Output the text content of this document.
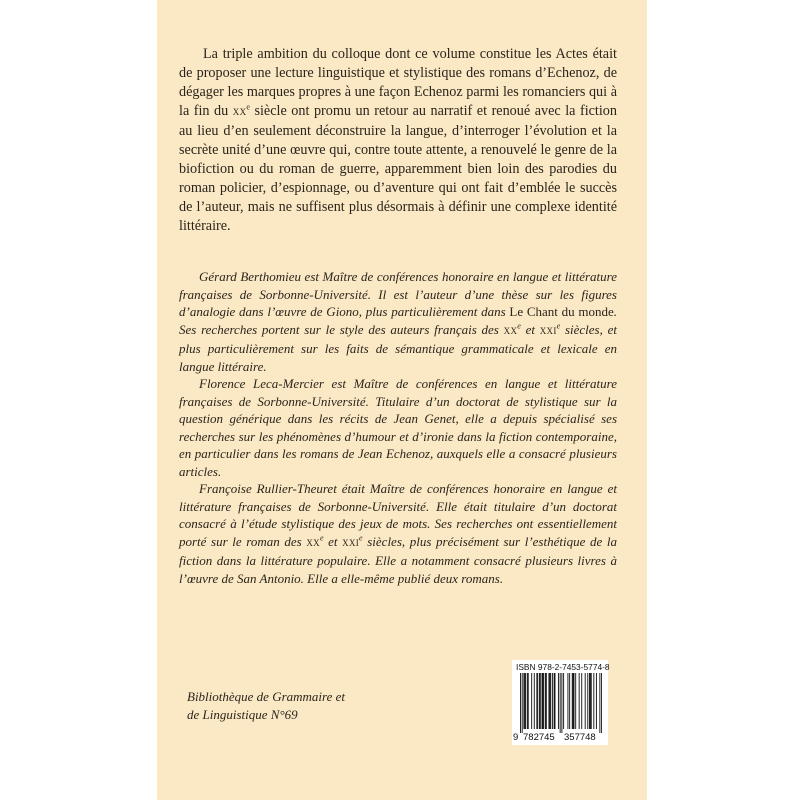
La triple ambition du colloque dont ce volume constitue les Actes était de proposer une lecture linguistique et stylistique des romans d’Echenoz, de dégager les marques propres à une façon Echenoz parmi les romanciers qui à la fin du XXe siècle ont promu un retour au narratif et renoué avec la fiction au lieu d’en seulement déconstruire la langue, d’interroger l’évolution et la secrète unité d’une œuvre qui, contre toute attente, a renouvelé le genre de la biofiction ou du roman de guerre, apparemment bien loin des parodies du roman policier, d’espionnage, ou d’aventure qui ont fait d’emblée le succès de l’auteur, mais ne suffisent plus désormais à définir une complexe identité littéraire.

Gérard Berthomieu est Maître de conférences honoraire en langue et littérature françaises de Sorbonne-Université. Il est l’auteur d’une thèse sur les figures d’analogie dans l’œuvre de Giono, plus particulièrement dans Le Chant du monde. Ses recherches portent sur le style des auteurs français des XXe et XXIe siècles, et plus particulièrement sur les faits de sémantique grammaticale et lexicale en langue littéraire.

Florence Leca-Mercier est Maître de conférences en langue et littérature françaises de Sorbonne-Université. Titulaire d’un doctorat de stylistique sur la question générique dans les récits de Jean Genet, elle a depuis spécialisé ses recherches sur les phénomènes d’humour et d’ironie dans la fiction contemporaine, en particulier dans les romans de Jean Echenoz, auxquels elle a consacré plusieurs articles.

Françoise Rullier-Theuret était Maître de conférences honoraire en langue et littérature françaises de Sorbonne-Université. Elle était titulaire d’un doctorat consacré à l’étude stylistique des jeux de mots. Ses recherches ont essentiellement porté sur le roman des XXe et XXIe siècles, plus précisément sur l’esthétique de la fiction dans la littérature populaire. Elle a notamment consacré plusieurs livres à l’œuvre de San Antonio. Elle a elle-même publié deux romans.

Bibliothèque de Grammaire et
de Linguistique N°69
ISBN 978-2-7453-5774-8
9 782745 357748
